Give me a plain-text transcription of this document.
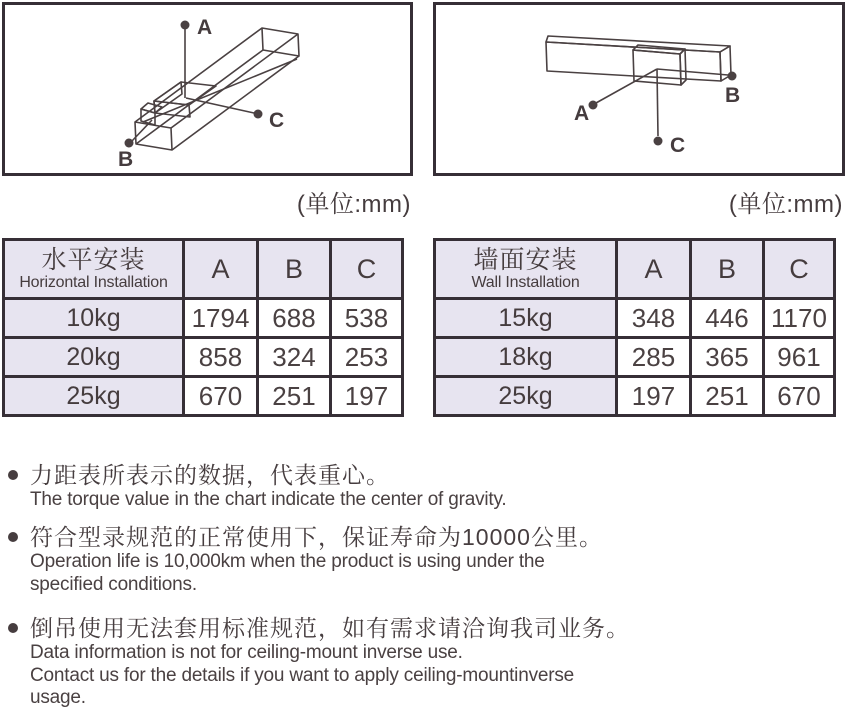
A
B
C	A
B
C
(单位:mm)	(单位:mm)
水平安装
Horizontal Installation	A	B	C
10kg	1794	688	538
20kg	858	324	253
25kg	670	251	197
墙面安装
Wall Installation	A	B	C
15kg	348	446	1170
18kg	285	365	961
25kg	197	251	670
力距表所表示的数据，代表重心。
The torque value in the chart indicate the center of gravity.
符合型录规范的正常使用下，保证寿命为10000公里。
Operation life is 10,000km when the product is using under the
specified conditions.
倒吊使用无法套用标准规范，如有需求请洽询我司业务。
Data information is not for ceiling-mount inverse use.
Contact us for the details if you want to apply ceiling-mountinverse
usage.
